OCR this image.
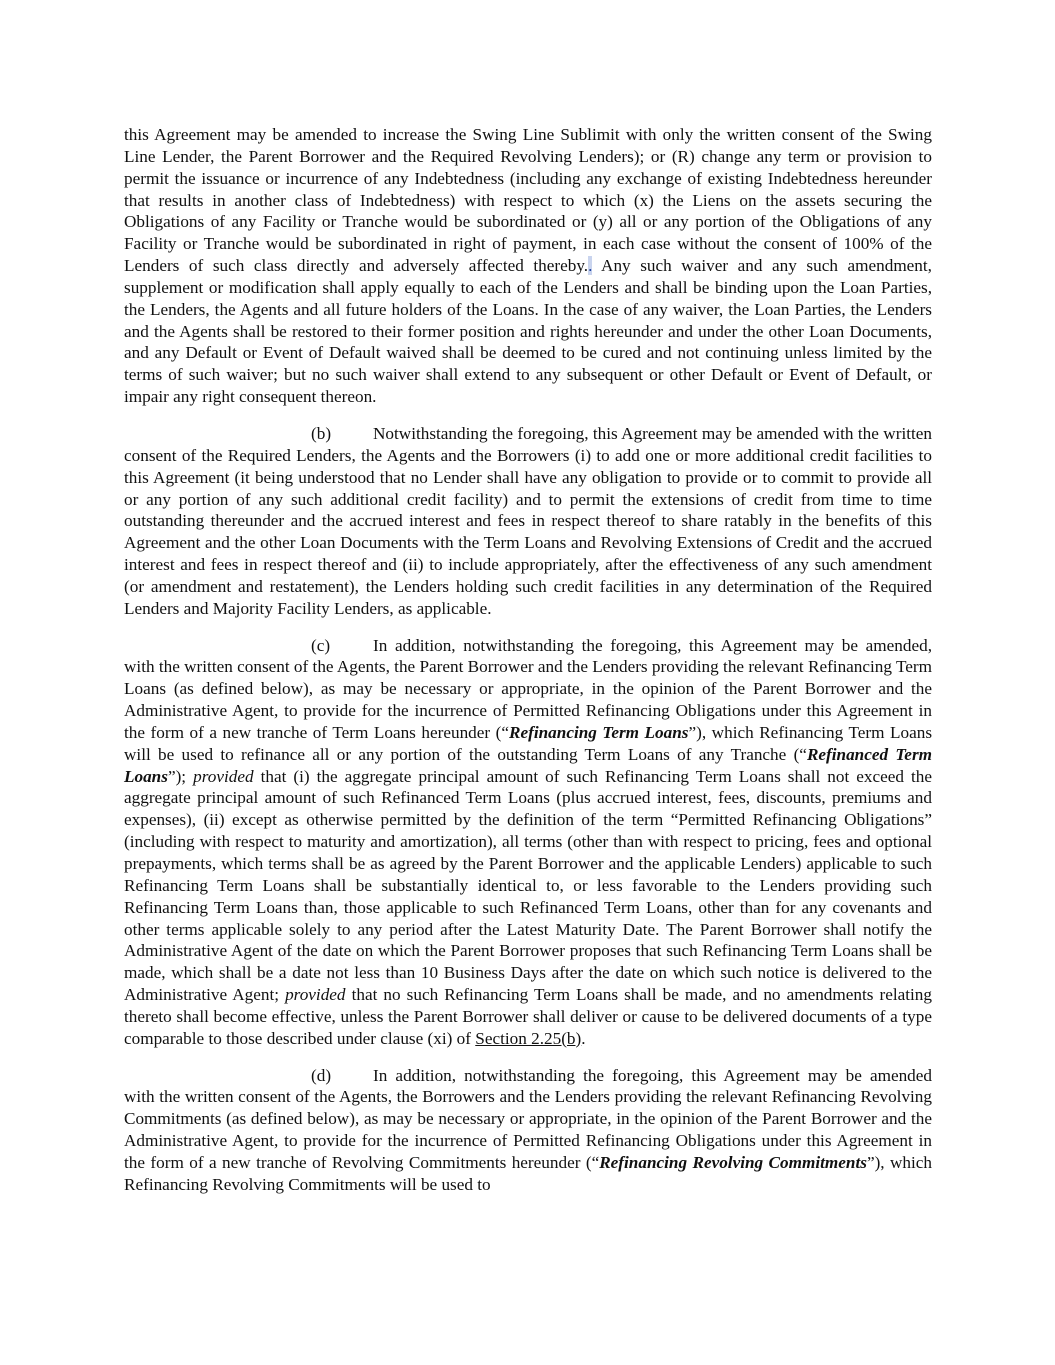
this Agreement may be amended to increase the Swing Line Sublimit with only the written consent of the Swing Line Lender, the Parent Borrower and the Required Revolving Lenders); or (R) change any term or provision to permit the issuance or incurrence of any Indebtedness (including any exchange of existing Indebtedness hereunder that results in another class of Indebtedness) with respect to which (x) the Liens on the assets securing the Obligations of any Facility or Tranche would be subordinated or (y) all or any portion of the Obligations of any Facility or Tranche would be subordinated in right of payment, in each case without the consent of 100% of the Lenders of such class directly and adversely affected thereby.. Any such waiver and any such amendment, supplement or modification shall apply equally to each of the Lenders and shall be binding upon the Loan Parties, the Lenders, the Agents and all future holders of the Loans. In the case of any waiver, the Loan Parties, the Lenders and the Agents shall be restored to their former position and rights hereunder and under the other Loan Documents, and any Default or Event of Default waived shall be deemed to be cured and not continuing unless limited by the terms of such waiver; but no such waiver shall extend to any subsequent or other Default or Event of Default, or impair any right consequent thereon.

(b) Notwithstanding the foregoing, this Agreement may be amended with the written consent of the Required Lenders, the Agents and the Borrowers (i) to add one or more additional credit facilities to this Agreement (it being understood that no Lender shall have any obligation to provide or to commit to provide all or any portion of any such additional credit facility) and to permit the extensions of credit from time to time outstanding thereunder and the accrued interest and fees in respect thereof to share ratably in the benefits of this Agreement and the other Loan Documents with the Term Loans and Revolving Extensions of Credit and the accrued interest and fees in respect thereof and (ii) to include appropriately, after the effectiveness of any such amendment (or amendment and restatement), the Lenders holding such credit facilities in any determination of the Required Lenders and Majority Facility Lenders, as applicable.

(c) In addition, notwithstanding the foregoing, this Agreement may be amended, with the written consent of the Agents, the Parent Borrower and the Lenders providing the relevant Refinancing Term Loans (as defined below), as may be necessary or appropriate, in the opinion of the Parent Borrower and the Administrative Agent, to provide for the incurrence of Permitted Refinancing Obligations under this Agreement in the form of a new tranche of Term Loans hereunder (“Refinancing Term Loans”), which Refinancing Term Loans will be used to refinance all or any portion of the outstanding Term Loans of any Tranche (“Refinanced Term Loans”); provided that (i) the aggregate principal amount of such Refinancing Term Loans shall not exceed the aggregate principal amount of such Refinanced Term Loans (plus accrued interest, fees, discounts, premiums and expenses), (ii) except as otherwise permitted by the definition of the term “Permitted Refinancing Obligations” (including with respect to maturity and amortization), all terms (other than with respect to pricing, fees and optional prepayments, which terms shall be as agreed by the Parent Borrower and the applicable Lenders) applicable to such Refinancing Term Loans shall be substantially identical to, or less favorable to the Lenders providing such Refinancing Term Loans than, those applicable to such Refinanced Term Loans, other than for any covenants and other terms applicable solely to any period after the Latest Maturity Date. The Parent Borrower shall notify the Administrative Agent of the date on which the Parent Borrower proposes that such Refinancing Term Loans shall be made, which shall be a date not less than 10 Business Days after the date on which such notice is delivered to the Administrative Agent; provided that no such Refinancing Term Loans shall be made, and no amendments relating thereto shall become effective, unless the Parent Borrower shall deliver or cause to be delivered documents of a type comparable to those described under clause (xi) of Section 2.25(b).

(d) In addition, notwithstanding the foregoing, this Agreement may be amended with the written consent of the Agents, the Borrowers and the Lenders providing the relevant Refinancing Revolving Commitments (as defined below), as may be necessary or appropriate, in the opinion of the Parent Borrower and the Administrative Agent, to provide for the incurrence of Permitted Refinancing Obligations under this Agreement in the form of a new tranche of Revolving Commitments hereunder (“Refinancing Revolving Commitments”), which Refinancing Revolving Commitments will be used to
